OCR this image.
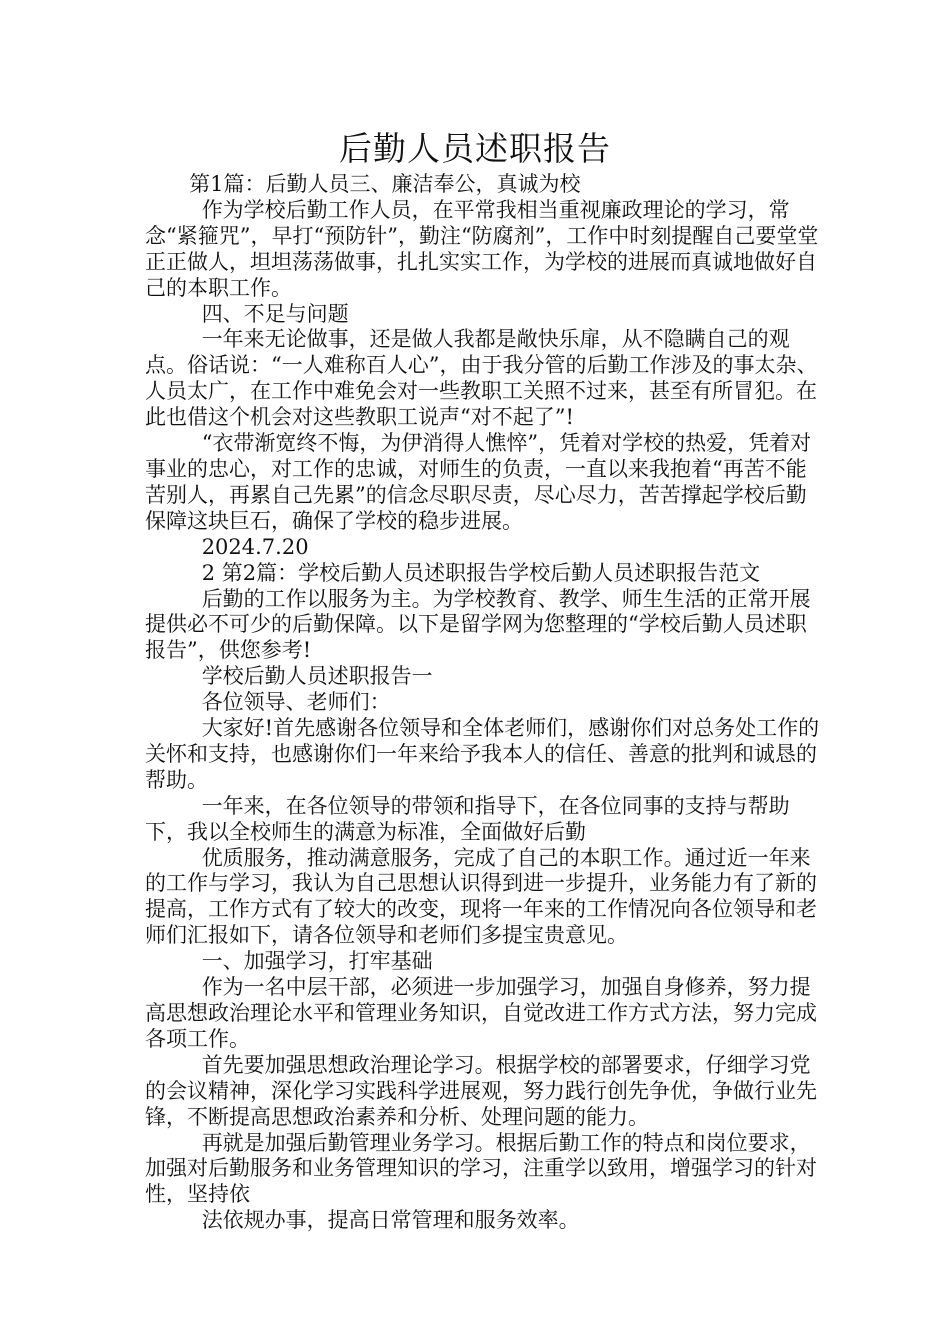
后勤人员述职报告

第1篇：后勤人员三、廉洁奉公，真诚为校

作为学校后勤工作人员，在平常我相当重视廉政理论的学习，常念“紧箍咒”，早打“预防针”，勤注“防腐剂”，工作中时刻提醒自己要堂堂正正做人，坦坦荡荡做事，扎扎实实工作，为学校的进展而真诚地做好自己的本职工作。

四、不足与问题

一年来无论做事，还是做人我都是敞快乐扉，从不隐瞒自己的观点。俗话说：“一人难称百人心”，由于我分管的后勤工作涉及的事太杂、人员太广，在工作中难免会对一些教职工关照不过来，甚至有所冒犯。在此也借这个机会对这些教职工说声“对不起了”!

“衣带渐宽终不悔，为伊消得人憔悴”，凭着对学校的热爱，凭着对事业的忠心，对工作的忠诚，对师生的负责，一直以来我抱着“再苦不能苦别人，再累自己先累”的信念尽职尽责，尽心尽力，苦苦撑起学校后勤保障这块巨石，确保了学校的稳步进展。

2024.7.20

2 第2篇：学校后勤人员述职报告学校后勤人员述职报告范文

后勤的工作以服务为主。为学校教育、教学、师生生活的正常开展提供必不可少的后勤保障。以下是留学网为您整理的“学校后勤人员述职报告”，供您参考!

学校后勤人员述职报告一

各位领导、老师们：

大家好!首先感谢各位领导和全体老师们，感谢你们对总务处工作的关怀和支持，也感谢你们一年来给予我本人的信任、善意的批判和诚恳的帮助。

一年来，在各位领导的带领和指导下，在各位同事的支持与帮助下，我以全校师生的满意为标准，全面做好后勤

优质服务，推动满意服务，完成了自己的本职工作。通过近一年来的工作与学习，我认为自己思想认识得到进一步提升，业务能力有了新的提高，工作方式有了较大的改变，现将一年来的工作情况向各位领导和老师们汇报如下，请各位领导和老师们多提宝贵意见。

一、加强学习，打牢基础

作为一名中层干部，必须进一步加强学习，加强自身修养，努力提高思想政治理论水平和管理业务知识，自觉改进工作方式方法，努力完成各项工作。

首先要加强思想政治理论学习。根据学校的部署要求，仔细学习党的会议精神，深化学习实践科学进展观，努力践行创先争优，争做行业先锋，不断提高思想政治素养和分析、处理问题的能力。

再就是加强后勤管理业务学习。根据后勤工作的特点和岗位要求，加强对后勤服务和业务管理知识的学习，注重学以致用，增强学习的针对性，坚持依

法依规办事，提高日常管理和服务效率。
